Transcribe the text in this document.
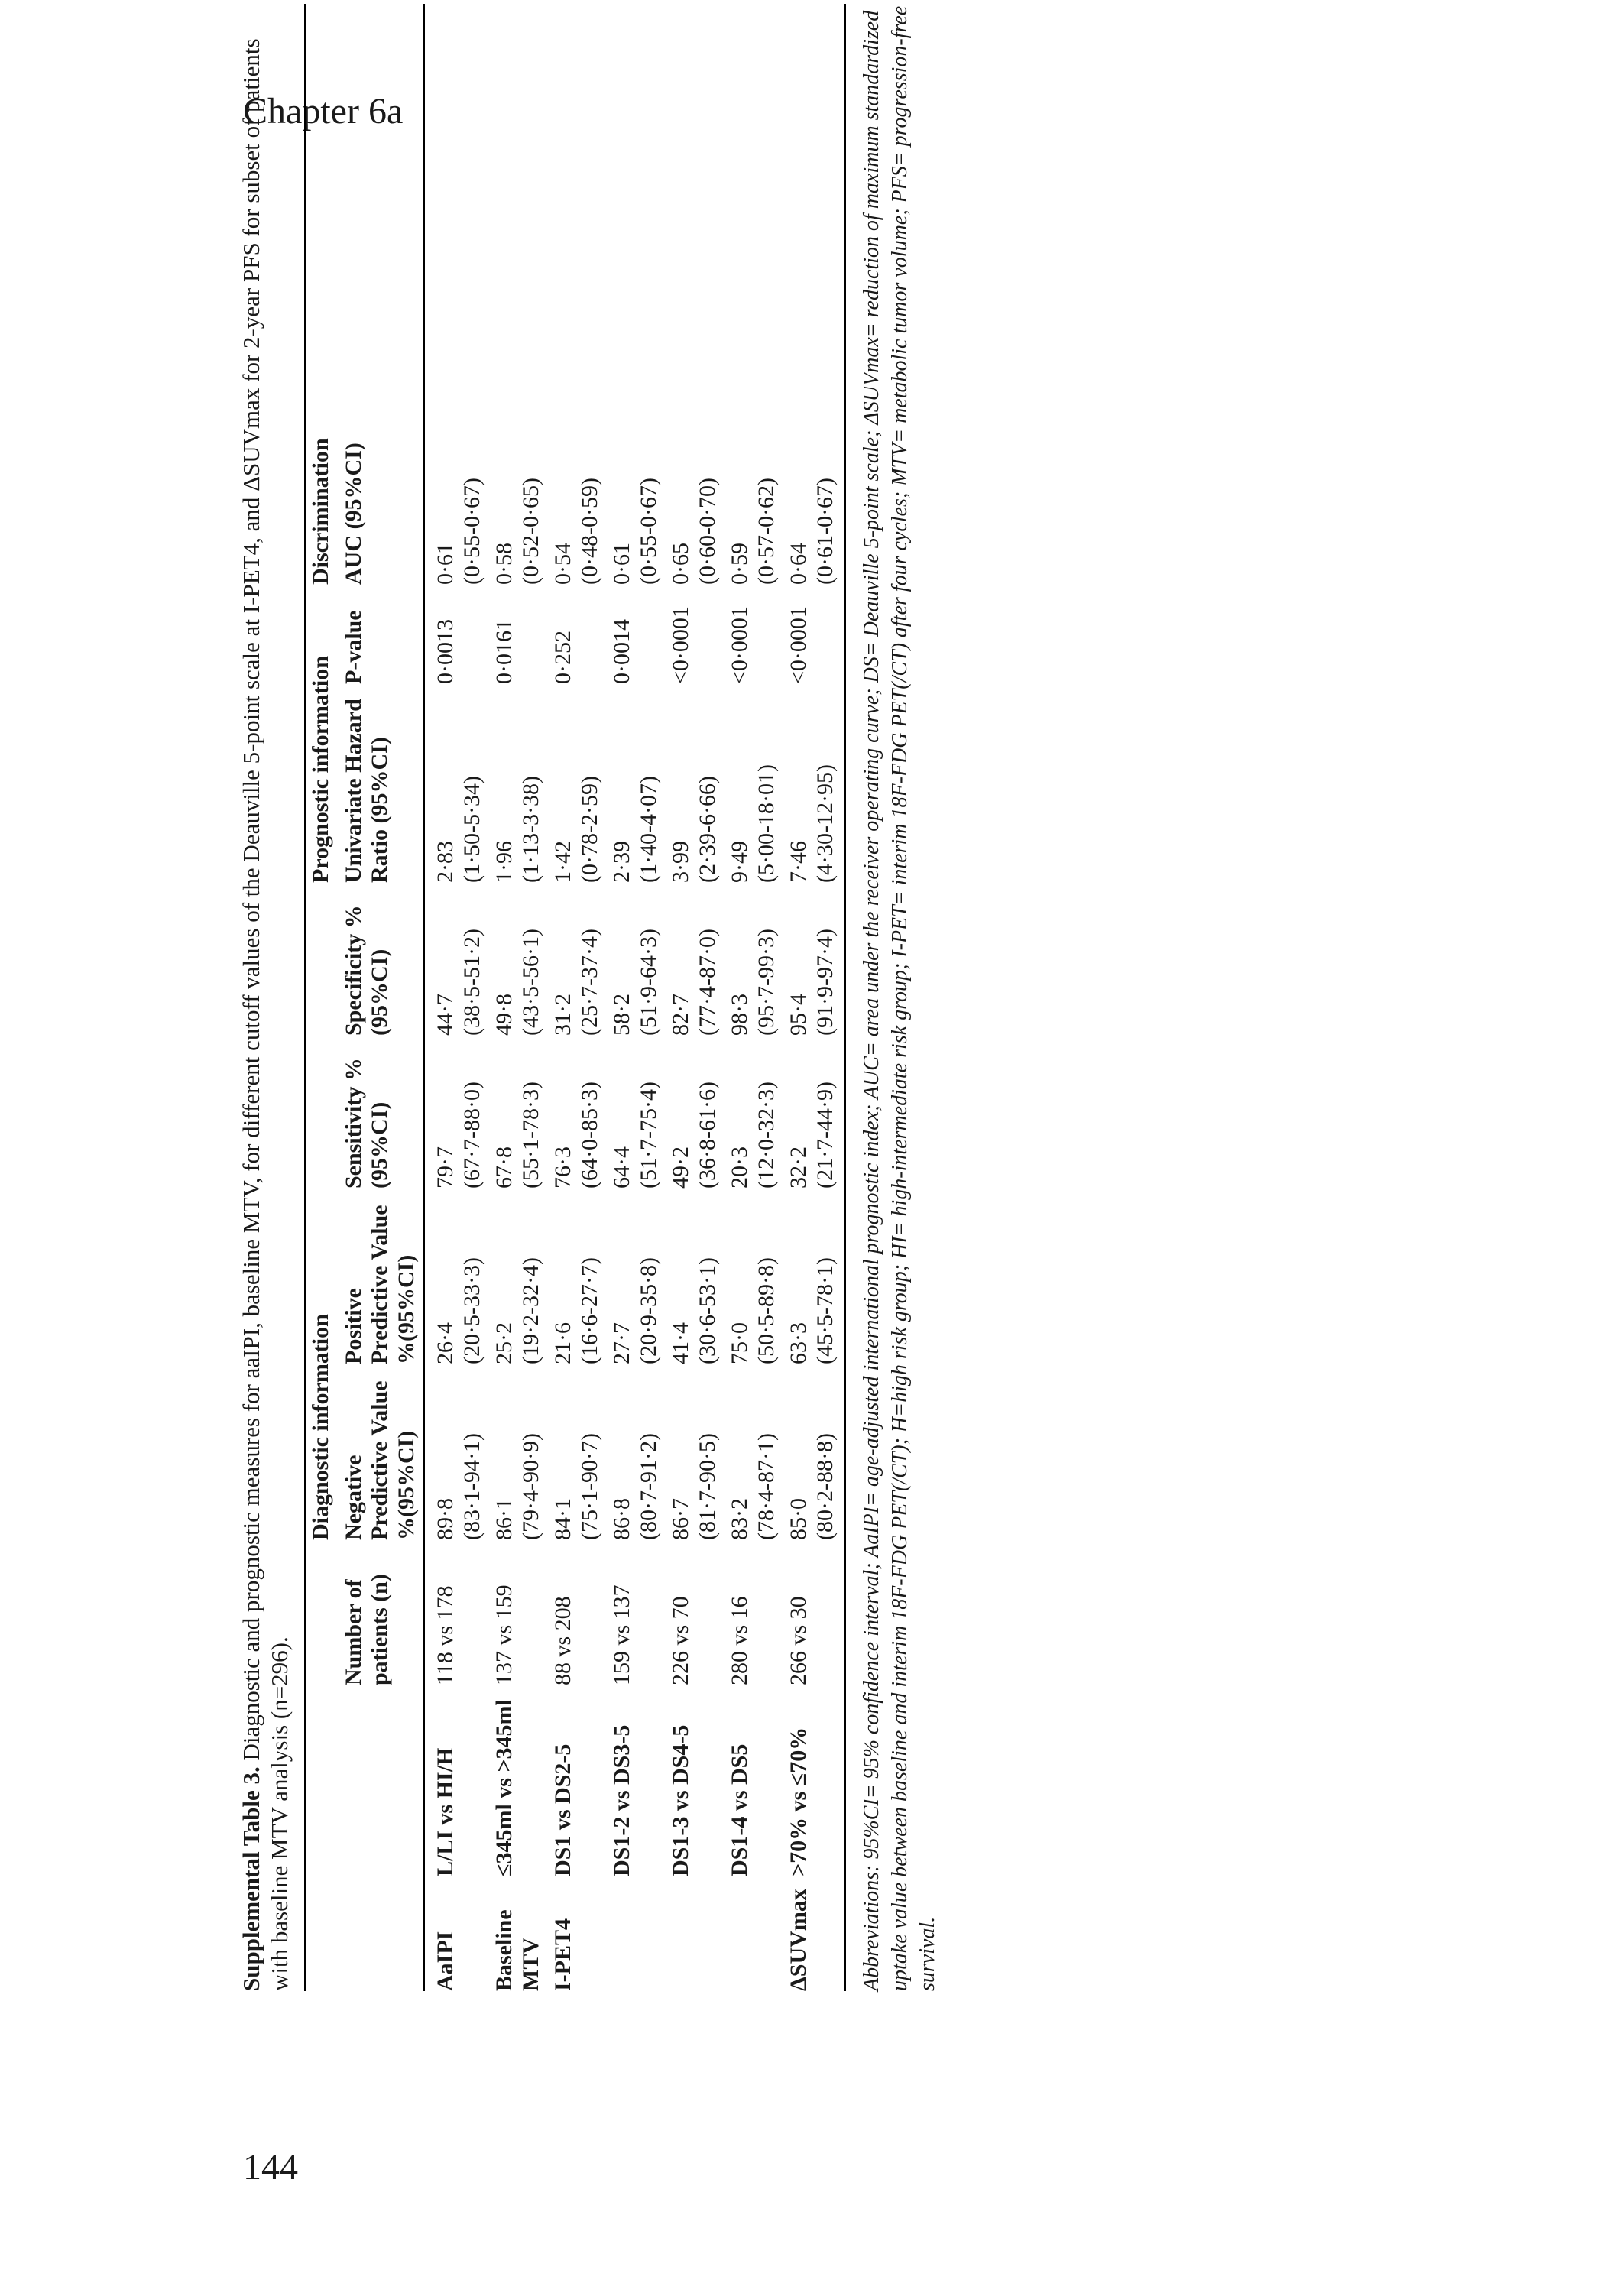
Chapter 6a
144

Supplemental Table 3. Diagnostic and prognostic measures for aaIPI, baseline MTV, for different cutoff values of the Deauville 5-point scale at I-PET4, and ΔSUVmax for 2-year PFS for subset of patients with baseline MTV analysis (n=296).

			Diagnostic information				Prognostic information		Discrimination
		Number of patients (n)	Negative Predictive Value %(95%CI)	Positive Predictive Value %(95%CI)	Sensitivity %(95%CI)	Specificity %(95%CI)	Univariate Hazard Ratio (95%CI)	P-value	AUC (95%CI)
AaIPI	L/LI vs HI/H	118 vs 178	89·8 (83·1-94·1)	26·4 (20·5-33·3)	79·7 (67·7-88·0)	44·7 (38·5-51·2)	2·83 (1·50-5·34)	0·0013	0·61 (0·55-0·67)

Baseline MTV	≤345ml vs >345ml	137 vs 159	86·1 (79·4-90·9)	25·2 (19·2-32·4)	67·8 (55·1-78·3)	49·8 (43·5-56·1)	1·96 (1·13-3·38)	0·0161	0·58 (0·52-0·65)

I-PET4	DS1 vs DS2-5	88 vs 208	84·1 (75·1-90·7)	21·6 (16·6-27·7)	76·3 (64·0-85·3)	31·2 (25·7-37·4)	1·42 (0·78-2·59)	0·252	0·54 (0·48-0·59)

	DS1-2 vs DS3-5	159 vs 137	86·8 (80·7-91·2)	27·7 (20·9-35·8)	64·4 (51·7-75·4)	58·2 (51·9-64·3)	2·39 (1·40-4·07)	0·0014	0·61 (0·55-0·67)

	DS1-3 vs DS4-5	226 vs 70	86·7 (81·7-90·5)	41·4 (30·6-53·1)	49·2 (36·8-61·6)	82·7 (77·4-87·0)	3·99 (2·39-6·66)	<0·0001	0·65 (0·60-0·70)

	DS1-4 vs DS5	280 vs 16	83·2 (78·4-87·1)	75·0 (50·5-89·8)	20·3 (12·0-32·3)	98·3 (95·7-99·3)	9·49 (5·00-18·01)	<0·0001	0·59 (0·57-0·62)

ΔSUVmax	>70% vs ≤70%	266 vs 30	85·0 (80·2-88·8)	63·3 (45·5-78·1)	32·2 (21·7-44·9)	95·4 (91·9-97·4)	7·46 (4·30-12·95)	<0·0001	0·64 (0·61-0·67) Abbreviations: 95%CI= 95% confidence interval; AaIPI= age-adjusted international prognostic index; AUC= area under the receiver operating curve; DS= Deauville 5-point scale; ΔSUVmax= reduction of maximum standardized uptake value between baseline and interim 18F-FDG PET(/CT); H=high risk group; HI= high-intermediate risk group; I-PET= interim 18F-FDG PET(/CT) after four cycles; MTV= metabolic tumor volume; PFS= progression-free survival.
